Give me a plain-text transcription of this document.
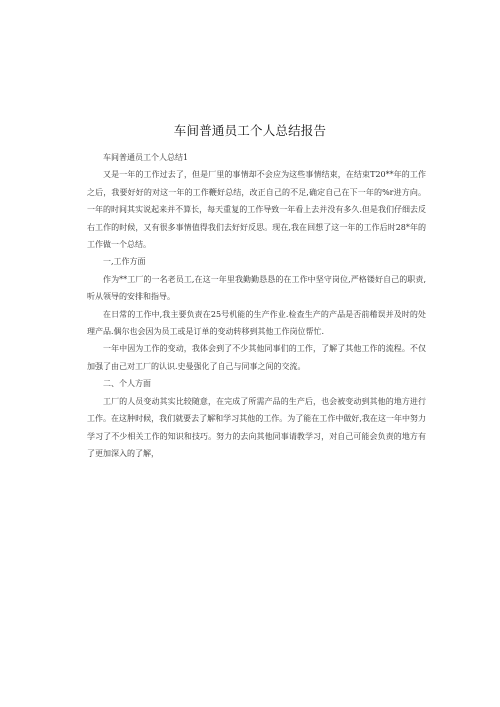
车间普通员工个人总结报告

车间普通员工个人总结1

又是一年的工作过去了，但是厂里的事情却不会应为这些事情结束，在结束T20**年的工作之后，我要好好的对这一年的工作鞭好总结，改正自己的不足,确定自己在下一年的%r进方向。一年的时间其实说起来并不算长，每天重复的工作导致一年看上去并没有多久.但是我们仔细去反右工作的时候，又有很多事情值得我们去好好反思。现在,我在回想了这一年的工作后时28*年的工作做一个总结。

一,工作方面

作为**工厂的一名老员工,在这一年里我勤勤恳恳的在工作中坚守岗位,严格镂好自己的职责,听从领导的安排和指导。

在日常的工作中,我主要负责在25号机能的生产作业.检查生产的产品是否前稽误并及时的处理产品.偶尔也会因为员工或是订单的变动转移到其他工作岗位帮忙.

一年中因为工作的变动，我体会到了不少其他同事们的工作，了解了其他工作的流程。不仅加强了由己对工厂的认识.史曼强化了自己与同事之间的交流。

二、个人方面

工厂的人员变动其实比较随意，在完成了所需产品的生产后，也会被变动到其他的地方进行工作。在这肿时候，我们就要去了解和学习其他的工作。为了能在工作中做好,我在这一年中努力学习了不少相关工作的知识和技巧。努力的去向其他同事请教学习，对自己可能会负责的地方有了更加深入的了解，
